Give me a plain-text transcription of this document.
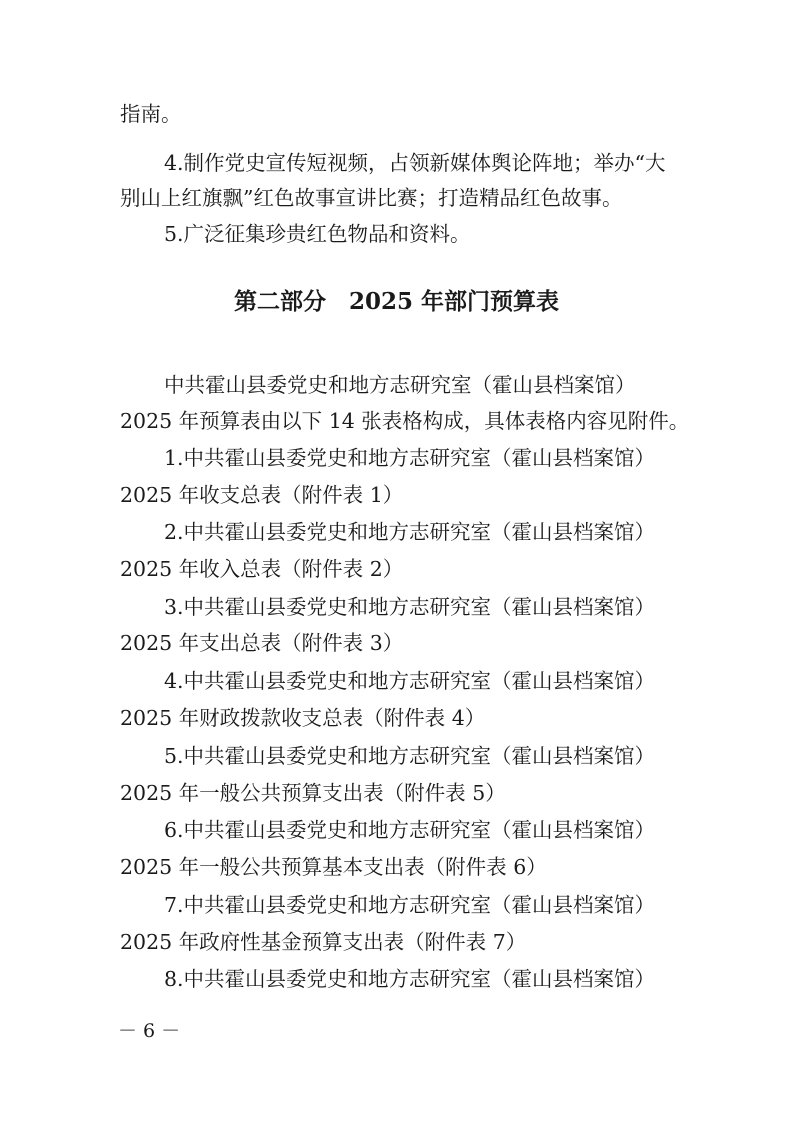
指南。
4.制作党史宣传短视频，占领新媒体舆论阵地；举办“大
别山上红旗飘”红色故事宣讲比赛；打造精品红色故事。
5.广泛征集珍贵红色物品和资料。
第二部分　2025 年部门预算表
中共霍山县委党史和地方志研究室（霍山县档案馆）
2025 年预算表由以下 14 张表格构成，具体表格内容见附件。
1.中共霍山县委党史和地方志研究室（霍山县档案馆）
2025 年收支总表（附件表 1）
2.中共霍山县委党史和地方志研究室（霍山县档案馆）
2025 年收入总表（附件表 2）
3.中共霍山县委党史和地方志研究室（霍山县档案馆）
2025 年支出总表（附件表 3）
4.中共霍山县委党史和地方志研究室（霍山县档案馆）
2025 年财政拨款收支总表（附件表 4）
5.中共霍山县委党史和地方志研究室（霍山县档案馆）
2025 年一般公共预算支出表（附件表 5）
6.中共霍山县委党史和地方志研究室（霍山县档案馆）
2025 年一般公共预算基本支出表（附件表 6）
7.中共霍山县委党史和地方志研究室（霍山县档案馆）
2025 年政府性基金预算支出表（附件表 7）
8.中共霍山县委党史和地方志研究室（霍山县档案馆）
－ 6 －
